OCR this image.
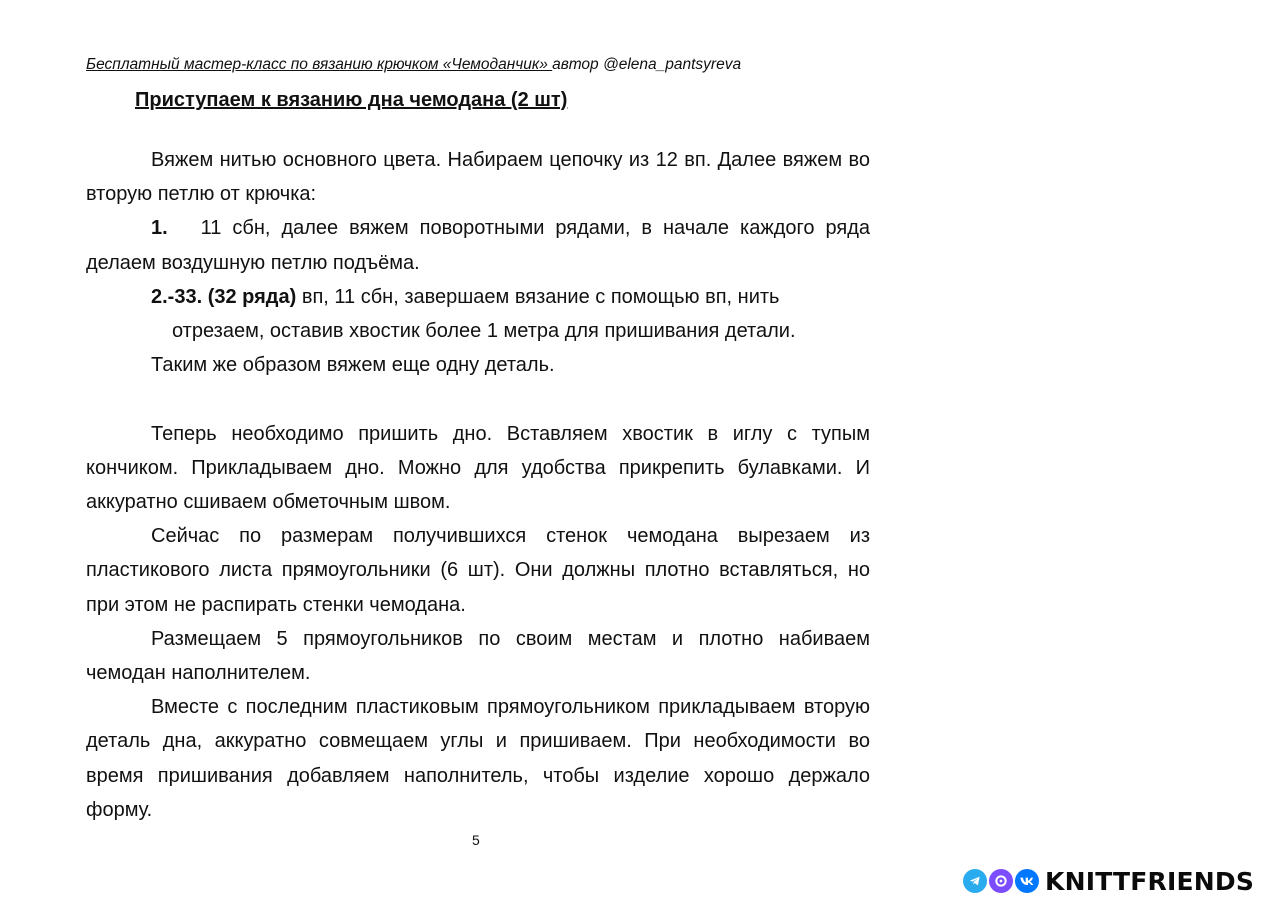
Бесплатный мастер-класс по вязанию крючком «Чемоданчик» автор @elena_pantsyreva
Приступаем к вязанию дна чемодана (2 шт)

Вяжем нитью основного цвета. Набираем цепочку из 12 вп. Далее вяжем во вторую петлю от крючка:

1. 11 сбн, далее вяжем поворотными рядами, в начале каждого ряда делаем воздушную петлю подъёма.

2.-33. (32 ряда) вп, 11 сбн, завершаем вязание с помощью вп, нить
отрезаем, оставив хвостик более 1 метра для пришивания детали.

Таким же образом вяжем еще одну деталь.

Теперь необходимо пришить дно. Вставляем хвостик в иглу с тупым кончиком. Прикладываем дно. Можно для удобства прикрепить булавками. И аккуратно сшиваем обметочным швом.

Сейчас по размерам получившихся стенок чемодана вырезаем из пластикового листа прямоугольники (6 шт). Они должны плотно вставляться, но при этом не распирать стенки чемодана.

Размещаем 5 прямоугольников по своим местам и плотно набиваем чемодан наполнителем.

Вместе с последним пластиковым прямоугольником прикладываем вторую деталь дна, аккуратно совмещаем углы и пришиваем. При необходимости во время пришивания добавляем наполнитель, чтобы изделие хорошо держало форму.

5
KNITTFRIENDS
